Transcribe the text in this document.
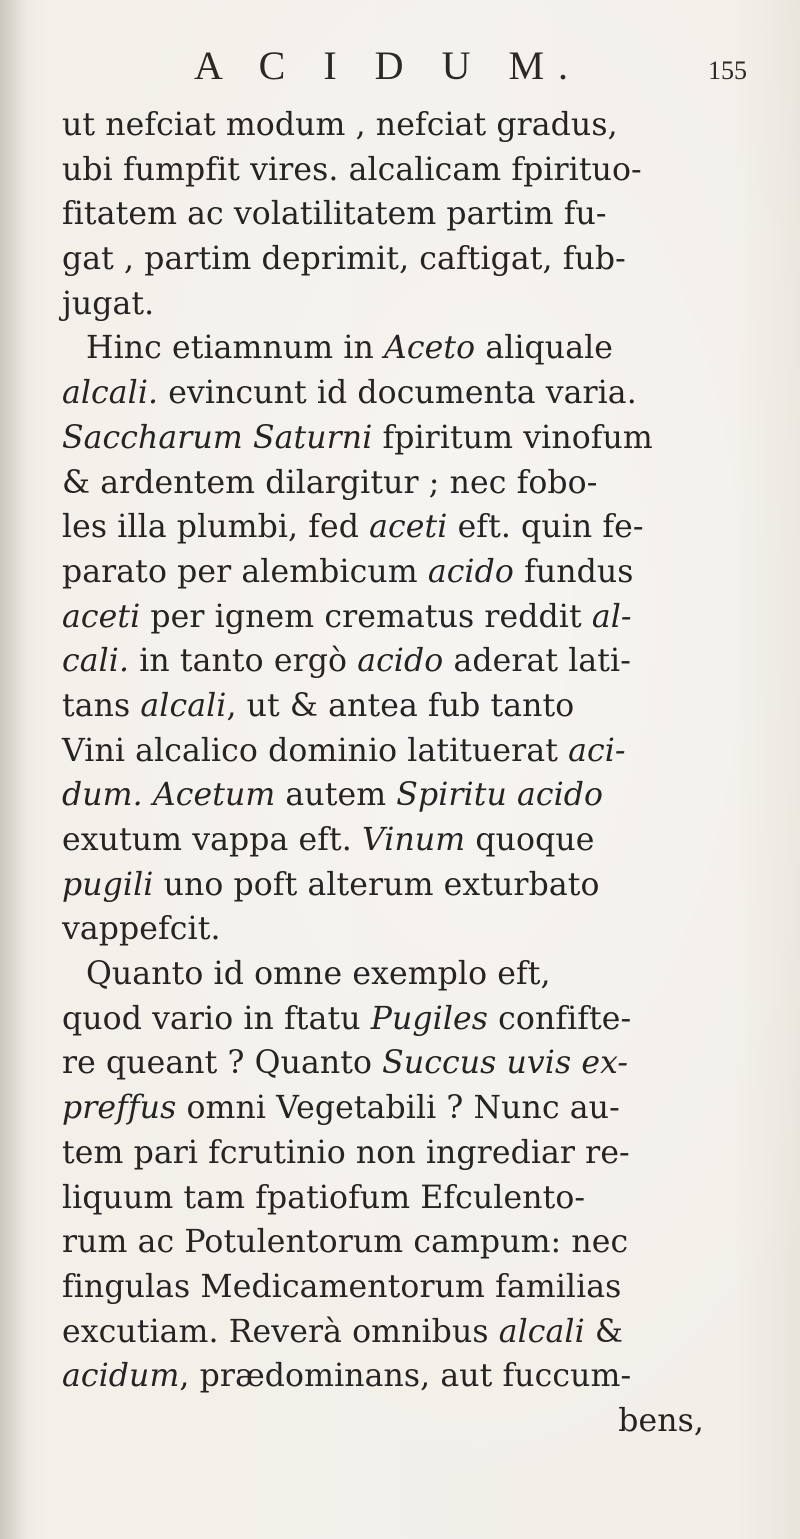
A C I D U M.	155
ut nefciat modum , nefciat gradus,
ubi fumpfit vires. alcalicam fpirituo-
fitatem ac volatilitatem partim fu-
gat , partim deprimit, caftigat, fub-
jugat.
Hinc etiamnum in Aceto aliquale
alcali. evincunt id documenta varia.
Saccharum Saturni fpiritum vinofum
& ardentem dilargitur ; nec fobo-
les illa plumbi, fed aceti eft. quin fe-
parato per alembicum acido fundus
aceti per ignem crematus reddit al-
cali. in tanto ergò acido aderat lati-
tans alcali, ut & antea fub tanto
Vini alcalico dominio latituerat aci-
dum. Acetum autem Spiritu acido
exutum vappa eft. Vinum quoque
pugili uno poft alterum exturbato
vappefcit.
Quanto id omne exemplo eft,
quod vario in ftatu Pugiles confifte-
re queant ? Quanto Succus uvis ex-
preffus omni Vegetabili ? Nunc au-
tem pari fcrutinio non ingrediar re-
liquum tam fpatiofum Efculento-
rum ac Potulentorum campum: nec
fingulas Medicamentorum familias
excutiam. Reverà omnibus alcali &
acidum, prædominans, aut fuccum-
bens,
